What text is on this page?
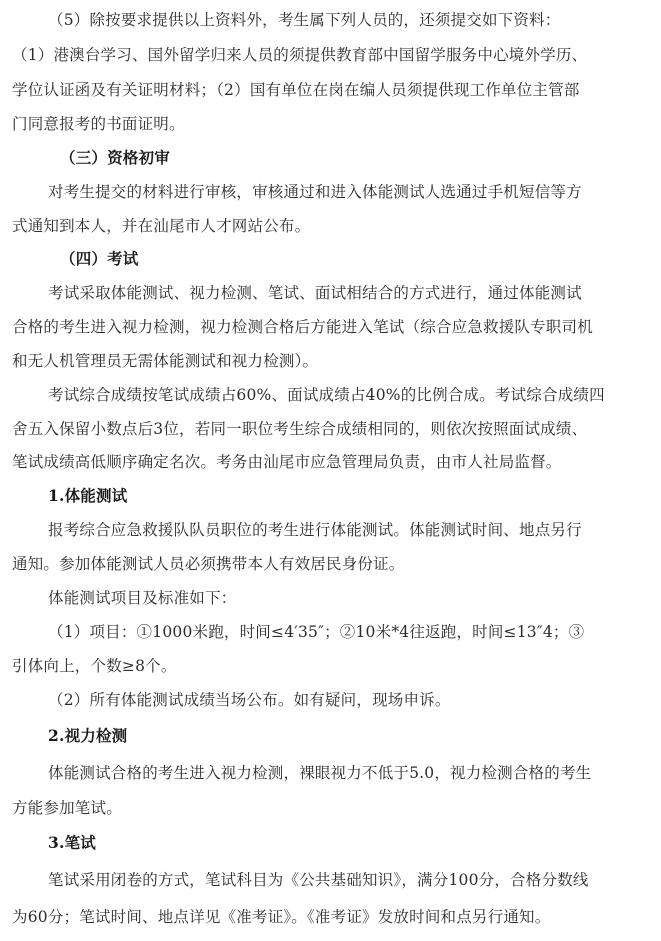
（5）除按要求提供以上资料外，考生属下列人员的，还须提交如下资料：
（1）港澳台学习、国外留学归来人员的须提供教育部中国留学服务中心境外学历、
学位认证函及有关证明材料；（2）国有单位在岗在编人员须提供现工作单位主管部
门同意报考的书面证明。
（三）资格初审
对考生提交的材料进行审核，审核通过和进入体能测试人选通过手机短信等方
式通知到本人，并在汕尾市人才网站公布。
（四）考试
考试采取体能测试、视力检测、笔试、面试相结合的方式进行，通过体能测试
合格的考生进入视力检测，视力检测合格后方能进入笔试（综合应急救援队专职司机
和无人机管理员无需体能测试和视力检测）。
考试综合成绩按笔试成绩占60%、面试成绩占40%的比例合成。考试综合成绩四
舍五入保留小数点后3位，若同一职位考生综合成绩相同的，则依次按照面试成绩、
笔试成绩高低顺序确定名次。考务由汕尾市应急管理局负责，由市人社局监督。
1.体能测试
报考综合应急救援队队员职位的考生进行体能测试。体能测试时间、地点另行
通知。参加体能测试人员必须携带本人有效居民身份证。
体能测试项目及标准如下：
（1）项目：①1000米跑，时间≤4′35″；②10米*4往返跑，时间≤13″4；③
引体向上，个数≥8个。
（2）所有体能测试成绩当场公布。如有疑问，现场申诉。
2.视力检测
体能测试合格的考生进入视力检测，裸眼视力不低于5.0，视力检测合格的考生
方能参加笔试。
3.笔试
笔试采用闭卷的方式，笔试科目为《公共基础知识》，满分100分，合格分数线
为60分；笔试时间、地点详见《准考证》。《准考证》发放时间和点另行通知。
